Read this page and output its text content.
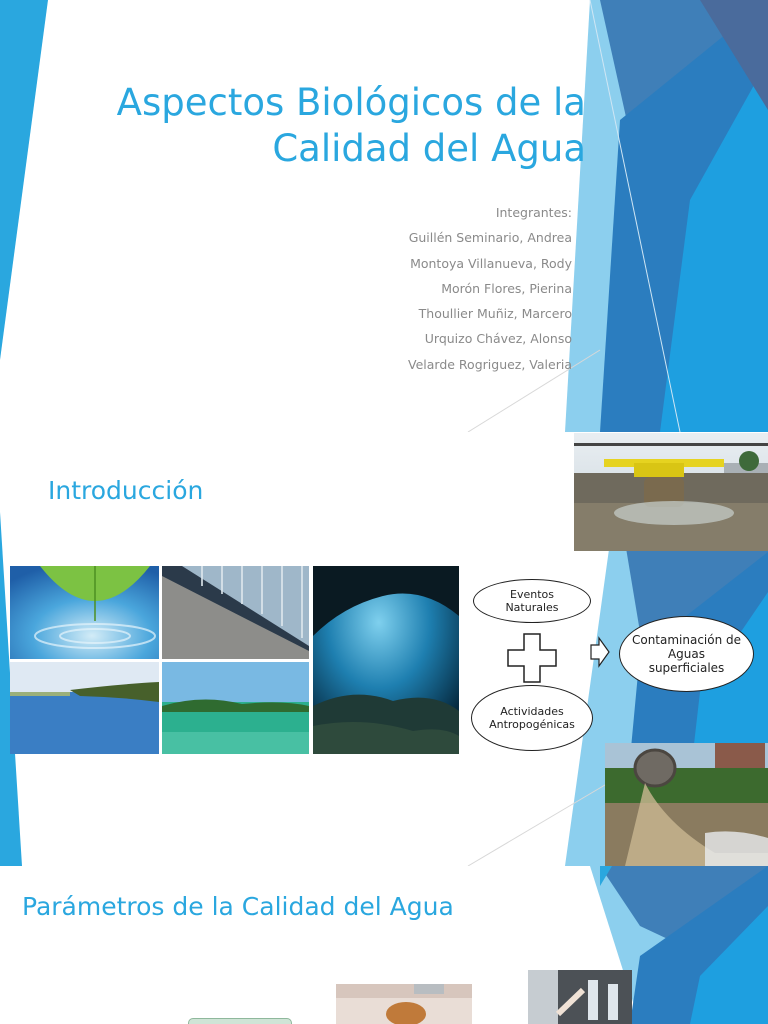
Aspectos Biológicos de la
Calidad del Agua
Integrantes:
Guillén Seminario, Andrea
Montoya Villanueva, Rody
Morón Flores, Pierina
Thoullier Muñiz, Marcero
Urquizo Chávez, Alonso
Velarde Rogriguez, Valeria
Introducción
Eventos Naturales
Actividades Antropogénicas
Contaminación de Aguas superficiales
Parámetros de la Calidad del Agua
